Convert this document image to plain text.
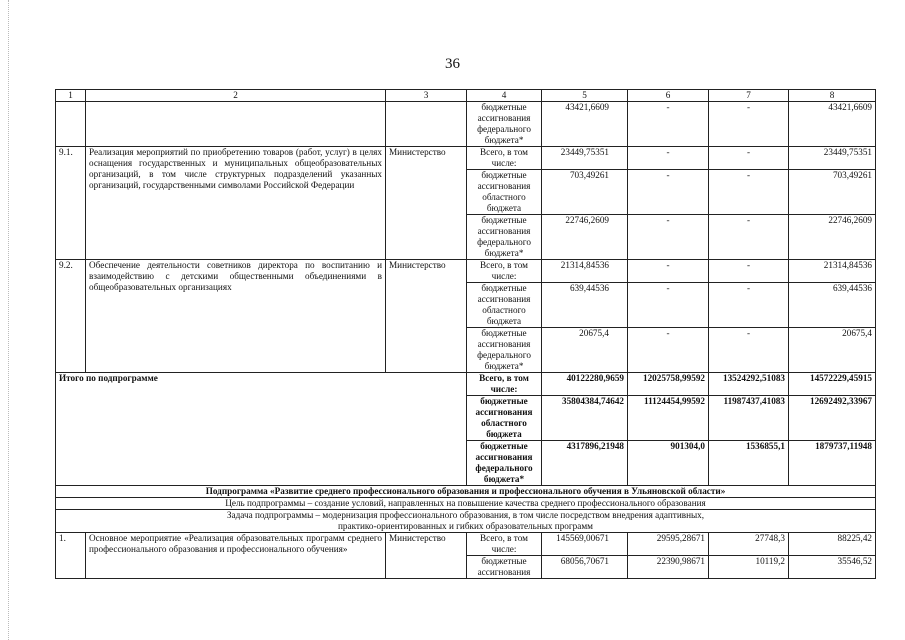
36
1	2	3	4	5	6	7	8
			бюджетные ассигнования федерального бюджета*	43421,6609	-	-	43421,6609
9.1.	Реализация мероприятий по приобретению товаров (работ, услуг) в целях оснащения государственных и муниципальных общеобразовательных организаций, в том числе структурных подразделений указанных организаций, государственными символами Российской Федерации	Министерство	Всего, в том числе:	23449,75351	-	-	23449,75351
			бюджетные ассигнования областного бюджета	703,49261	-	-	703,49261
			бюджетные ассигнования федерального бюджета*	22746,2609	-	-	22746,2609
9.2.	Обеспечение деятельности советников директора по воспитанию и взаимодействию с детскими общественными объединениями в общеобразовательных организациях	Министерство	Всего, в том числе:	21314,84536	-	-	21314,84536
			бюджетные ассигнования областного бюджета	639,44536	-	-	639,44536
			бюджетные ассигнования федерального бюджета*	20675,4	-	-	20675,4
Итого по подпрограмме			Всего, в том числе:	40122280,9659	12025758,99592	13524292,51083	14572229,45915
			бюджетные ассигнования областного бюджета	35804384,74642	11124454,99592	11987437,41083	12692492,33967
			бюджетные ассигнования федерального бюджета*	4317896,21948	901304,0	1536855,1	1879737,11948
Подпрограмма «Развитие среднего профессионального образования и профессионального обучения в Ульяновской области»							
Цель подпрограммы – создание условий, направленных на повышение качества среднего профессионального образования							
Задача подпрограммы – модернизация профессионального образования, в том числе посредством внедрения адаптивных,
практико-ориентированных и гибких образовательных программ							
1.	Основное мероприятие «Реализация образовательных программ среднего профессионального образования и профессионального обучения»	Министерство	Всего, в том числе:	145569,00671	29595,28671	27748,3	88225,42
			бюджетные ассигнования	68056,70671	22390,98671	10119,2	35546,52
